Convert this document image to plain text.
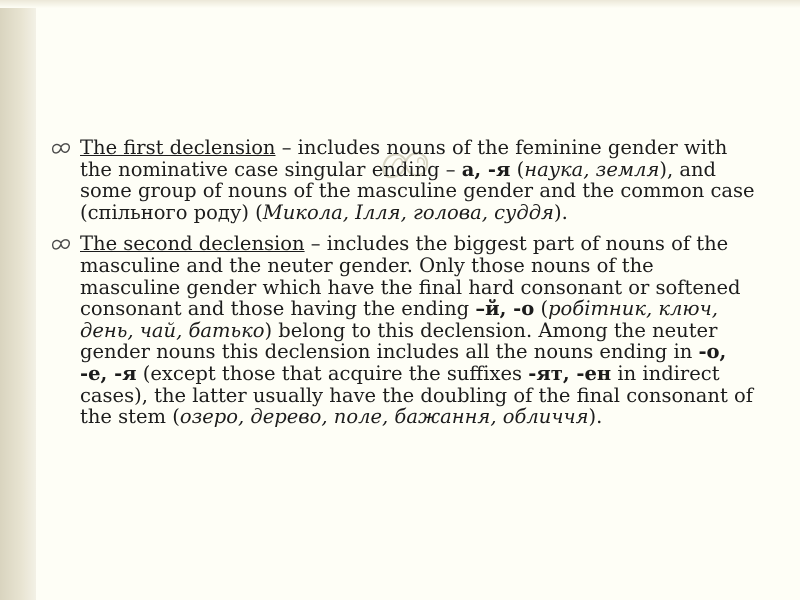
The first declension – includes nouns of the feminine gender with the nominative case singular ending – а, -я (наука, земля), and some group of nouns of the masculine gender and the common case (спільного роду) (Микола, Ілля, голова, суддя).

The second declension – includes the biggest part of nouns of the masculine and the neuter gender. Only those nouns of the masculine gender which have the final hard consonant or softened consonant and those having the ending –й, -о (робітник, ключ, день, чай, батько) belong to this declension. Among the neuter gender nouns this declension includes all the nouns ending in -о, -е, -я (except those that acquire the suffixes -ят, -ен in indirect cases), the latter usually have the doubling of the final consonant of the stem (озеро, дерево, поле, бажання, обличчя).
